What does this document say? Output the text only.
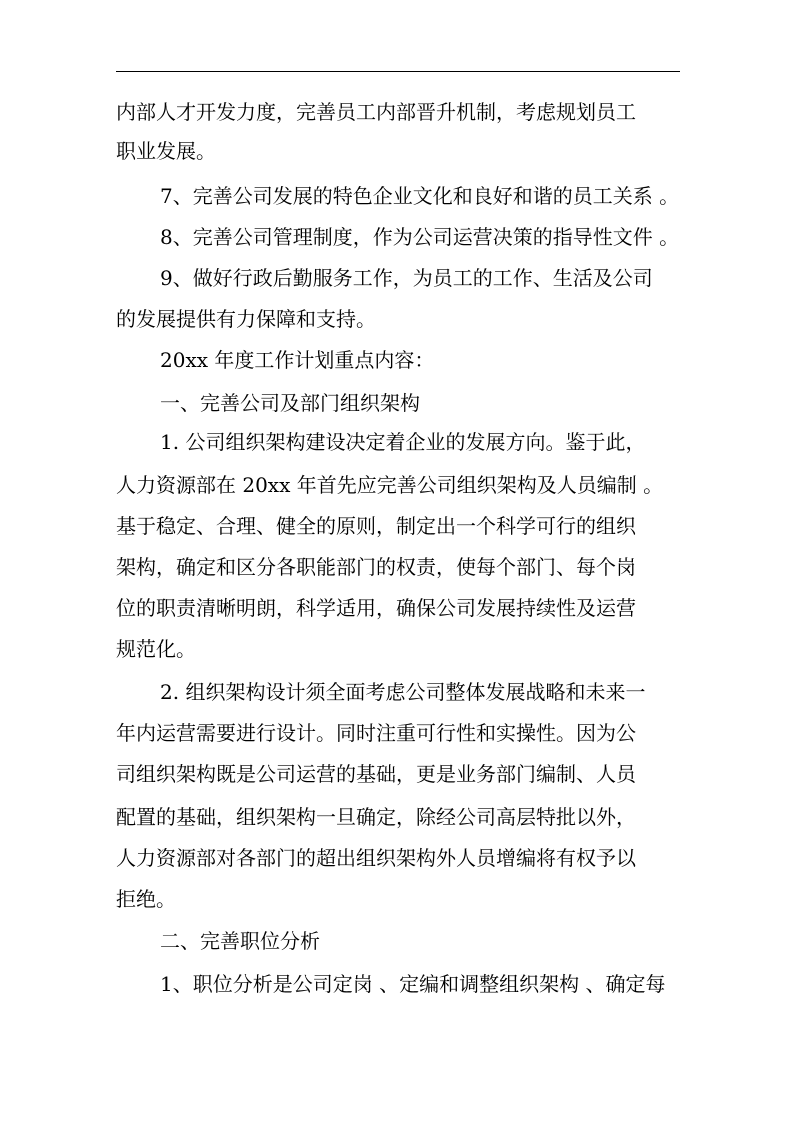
内部人才开发力度，完善员工内部晋升机制，考虑规划员工
职业发展。
7、完善公司发展的特色企业文化和良好和谐的员工关系 。
8、完善公司管理制度，作为公司运营决策的指导性文件 。
9、做好行政后勤服务工作，为员工的工作、生活及公司
的发展提供有力保障和支持。
20xx 年度工作计划重点内容：
一、完善公司及部门组织架构
1. 公司组织架构建设决定着企业的发展方向。鉴于此，
人力资源部在 20xx 年首先应完善公司组织架构及人员编制 。
基于稳定、合理、健全的原则，制定出一个科学可行的组织
架构，确定和区分各职能部门的权责，使每个部门、每个岗
位的职责清晰明朗，科学适用，确保公司发展持续性及运营
规范化。
2. 组织架构设计须全面考虑公司整体发展战略和未来一
年内运营需要进行设计。同时注重可行性和实操性。因为公
司组织架构既是公司运营的基础，更是业务部门编制、人员
配置的基础，组织架构一旦确定，除经公司高层特批以外，
人力资源部对各部门的超出组织架构外人员增编将有权予以
拒绝。
二、完善职位分析
1、职位分析是公司定岗 、定编和调整组织架构 、确定每
